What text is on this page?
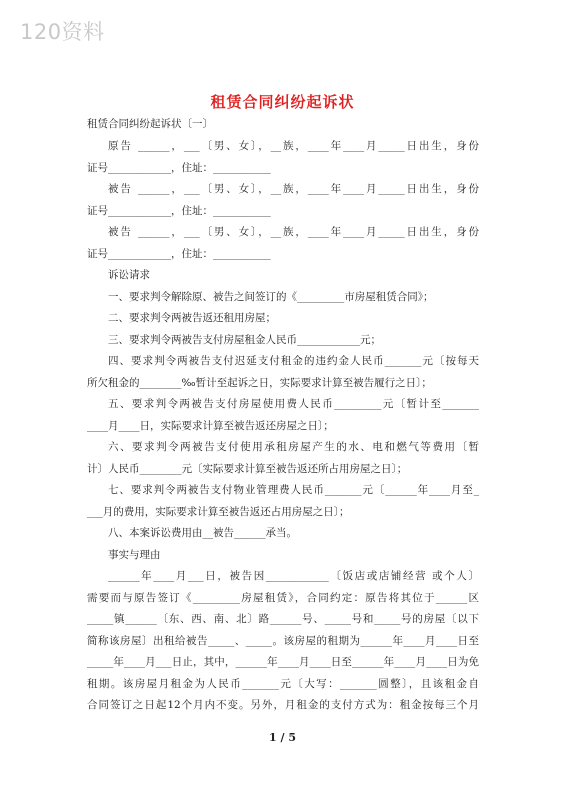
120资料
租赁合同纠纷起诉状
租赁合同纠纷起诉状〔一〕
原告 ______，___〔男、女〕，__族，____年____月_____日出生，身份
证号____________，住址：___________
被告 ______，___〔男、女〕，__族，____年____月_____日出生，身份
证号____________，住址：___________
被告 ______，___〔男、女〕，__族，____年____月_____日出生，身份
证号____________，住址：___________
诉讼请求
一、要求判令解除原、被告之间签订的《_________市房屋租赁合同》；
二、要求判令两被告返还租用房屋；
三、要求判令两被告支付房屋租金人民币____________元；
四、要求判令两被告支付迟延支付租金的违约金人民币_______元〔按每天
所欠租金的________‰暂计至起诉之日，实际要求计算至被告履行之日〕；
五、要求判令两被告支付房屋使用费人民币_________元〔暂计至_______
____月____日，实际要求计算至被告返还房屋之日〕；
六、要求判令两被告支付使用承租房屋产生的水、电和燃气等费用〔暂
计〕人民币________元〔实际要求计算至被告返还所占用房屋之日〕；
七、要求判令两被告支付物业管理费人民币_______元〔______年____月至_
___月的费用，实际要求计算至被告返还占用房屋之日〕；
八、本案诉讼费用由__被告______承当。
事实与理由
______年____月___日，被告因____________〔饭店或店铺经营 或个人〕
需要而与原告签订《_________房屋租赁》，合同约定：原告将其位于______区
_____镇______〔东、西、南、北〕路______号、_____号和_____号的房屋〔以下
简称该房屋〕出租给被告_____、_____。该房屋的租期为______年____月____日至
_____年____月___日止，其中，______年____月____日至______年____月____日为免
租期。该房屋月租金为人民币_______元〔大写：_______圆整〕，且该租金自
合同签订之日起12个月内不变。另外，月租金的支付方式为：租金按每三个月
1 / 5
